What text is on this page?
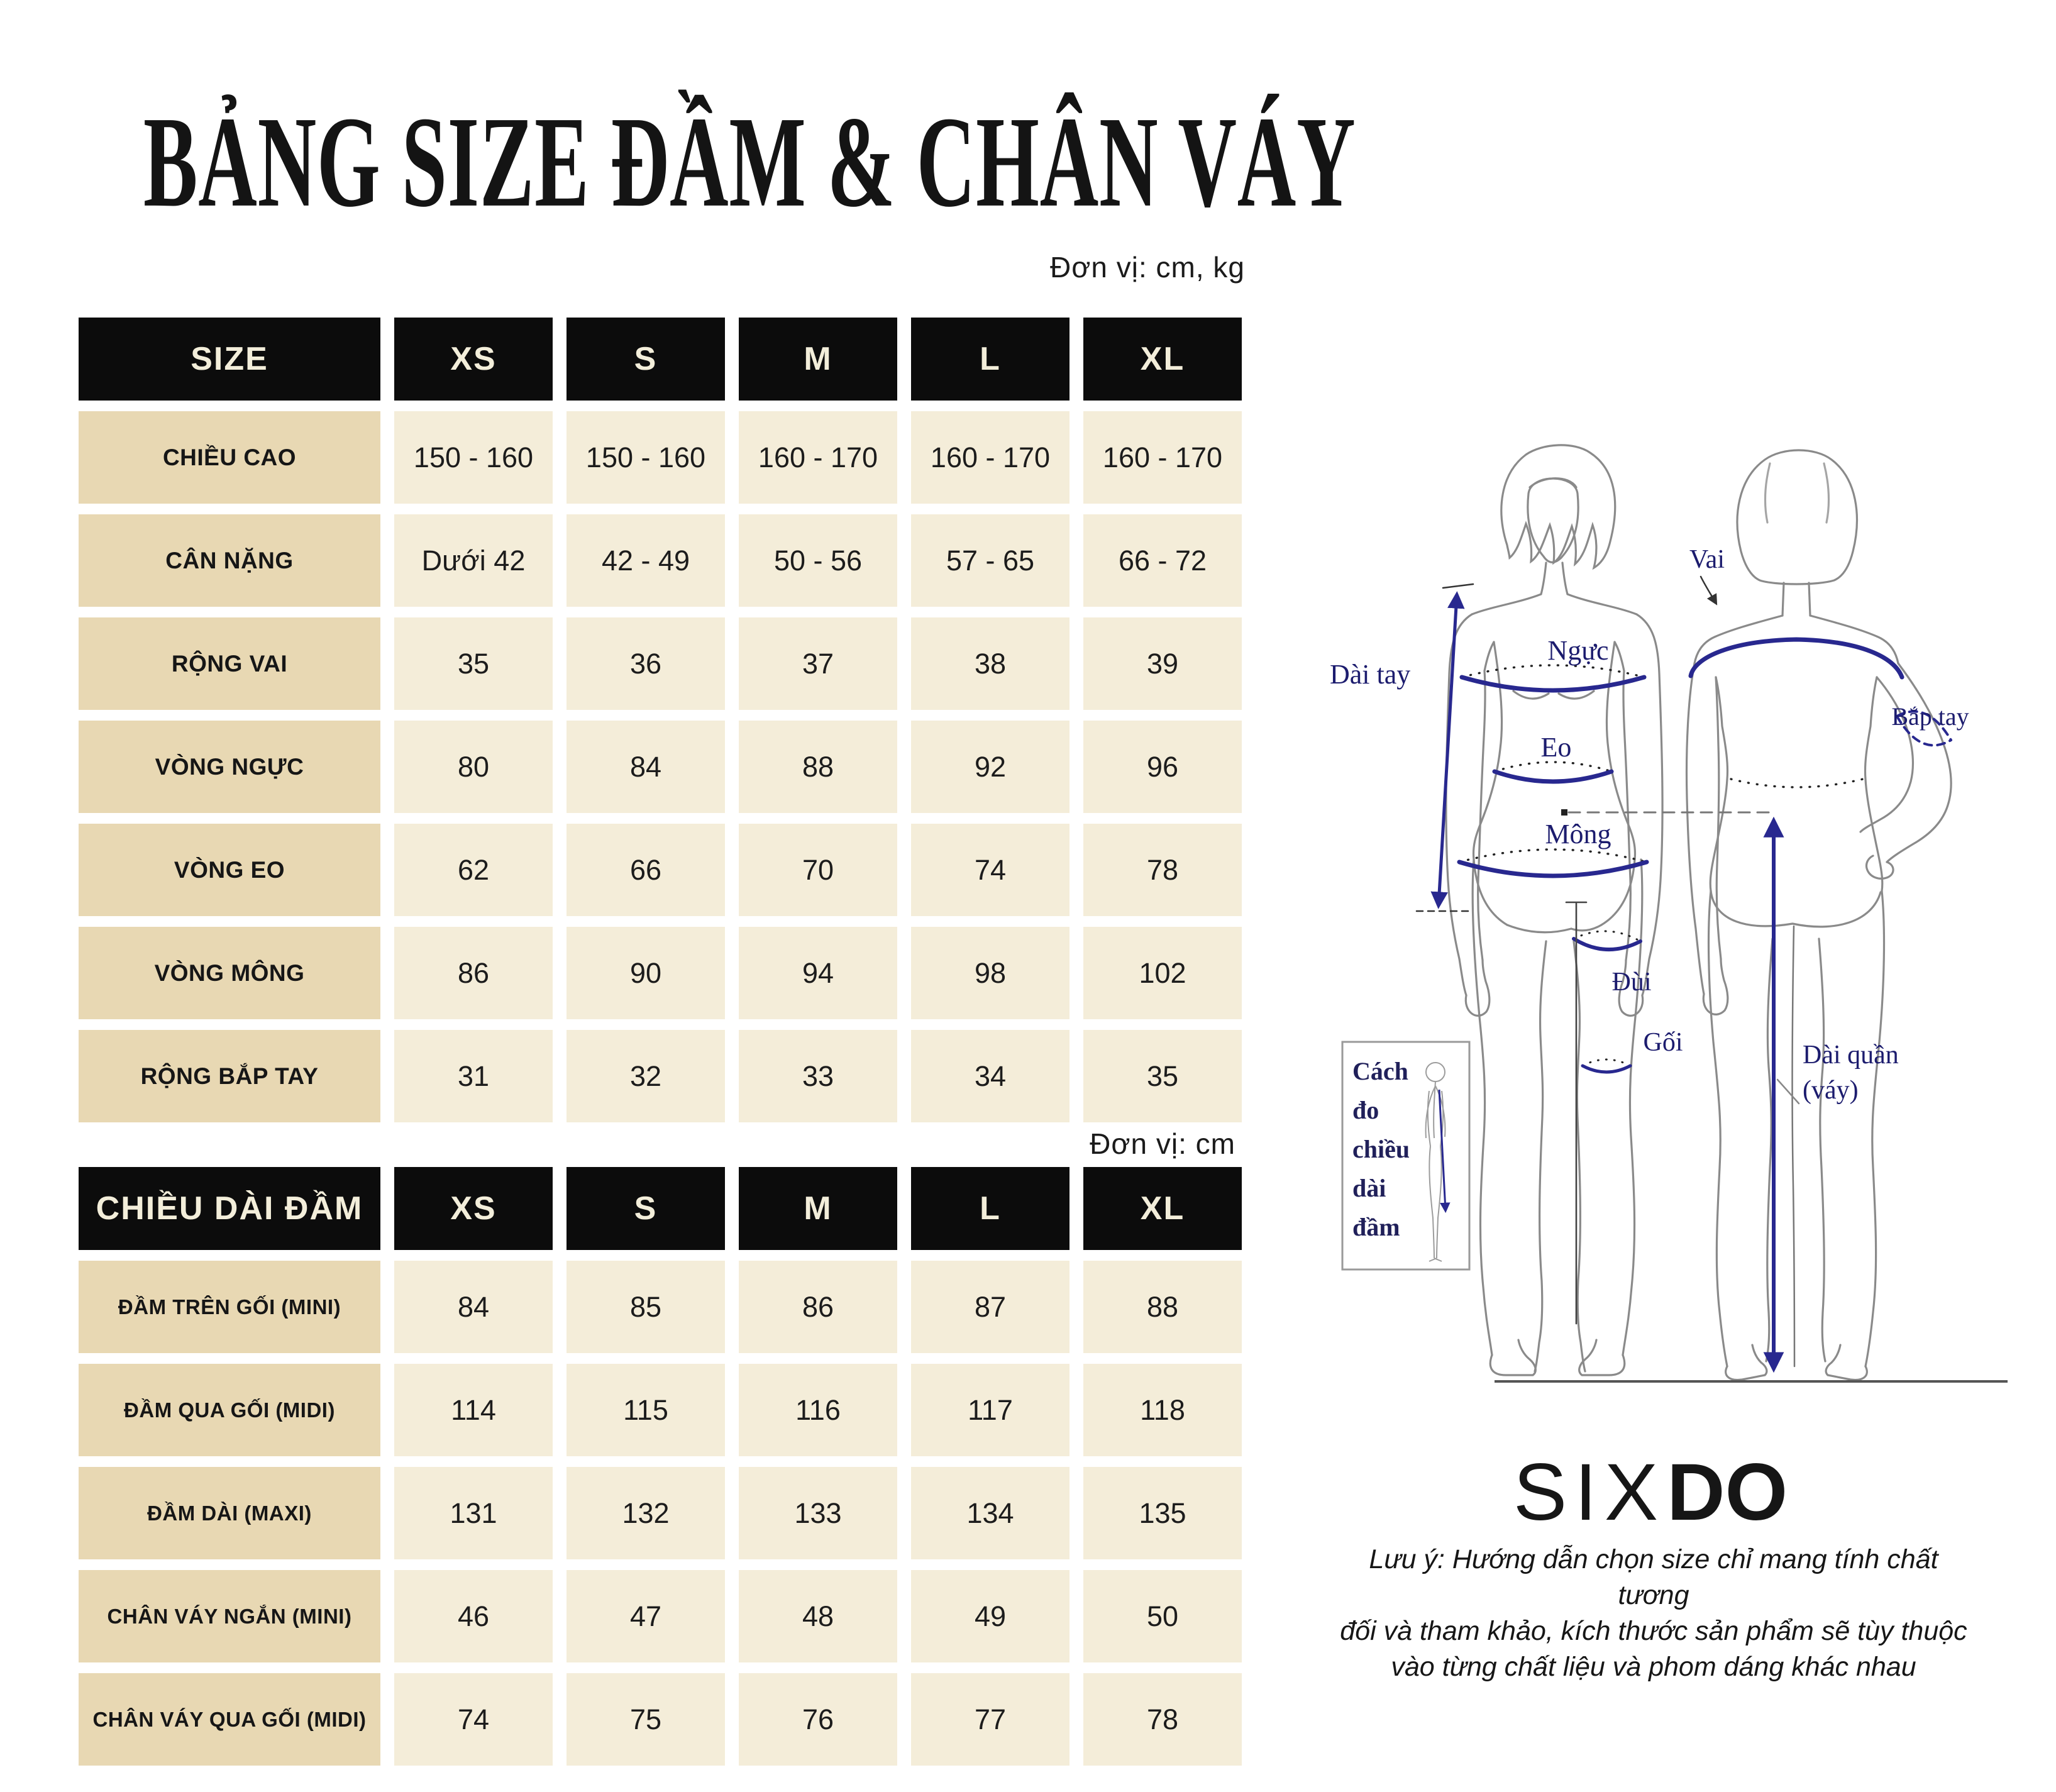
BẢNG SIZE ĐẦM & CHÂN VÁY
Đơn vị: cm, kg
SIZE	XS	S	M	L	XL
CHIỀU CAO	150 - 160	150 - 160	160 - 170	160 - 170	160 - 170
CÂN NẶNG	Dưới 42	42 - 49	50 - 56	57 - 65	66 - 72
RỘNG VAI	35	36	37	38	39
VÒNG NGỰC	80	84	88	92	96
VÒNG EO	62	66	70	74	78
VÒNG MÔNG	86	90	94	98	102
RỘNG BẮP TAY	31	32	33	34	35
Đơn vị: cm
CHIỀU DÀI ĐẦM	XS	S	M	L	XL
ĐẦM TRÊN GỐI (MINI)	84	85	86	87	88
ĐẦM QUA GỐI (MIDI)	114	115	116	117	118
ĐẦM DÀI (MAXI)	131	132	133	134	135
CHÂN VÁY NGẮN (MINI)	46	47	48	49	50
CHÂN VÁY QUA GỐI (MIDI)	74	75	76	77	78
Dài tay
Ngực
Eo
Mông
Đùi
Gối
Vai
Bắp tay
Dài quần
(váy)
Cách
đo
chiều
dài
đầm
SIXDO
Lưu ý: Hướng dẫn chọn size chỉ mang tính chất tương
đối và tham khảo, kích thước sản phẩm sẽ tùy thuộc
vào từng chất liệu và phom dáng khác nhau
